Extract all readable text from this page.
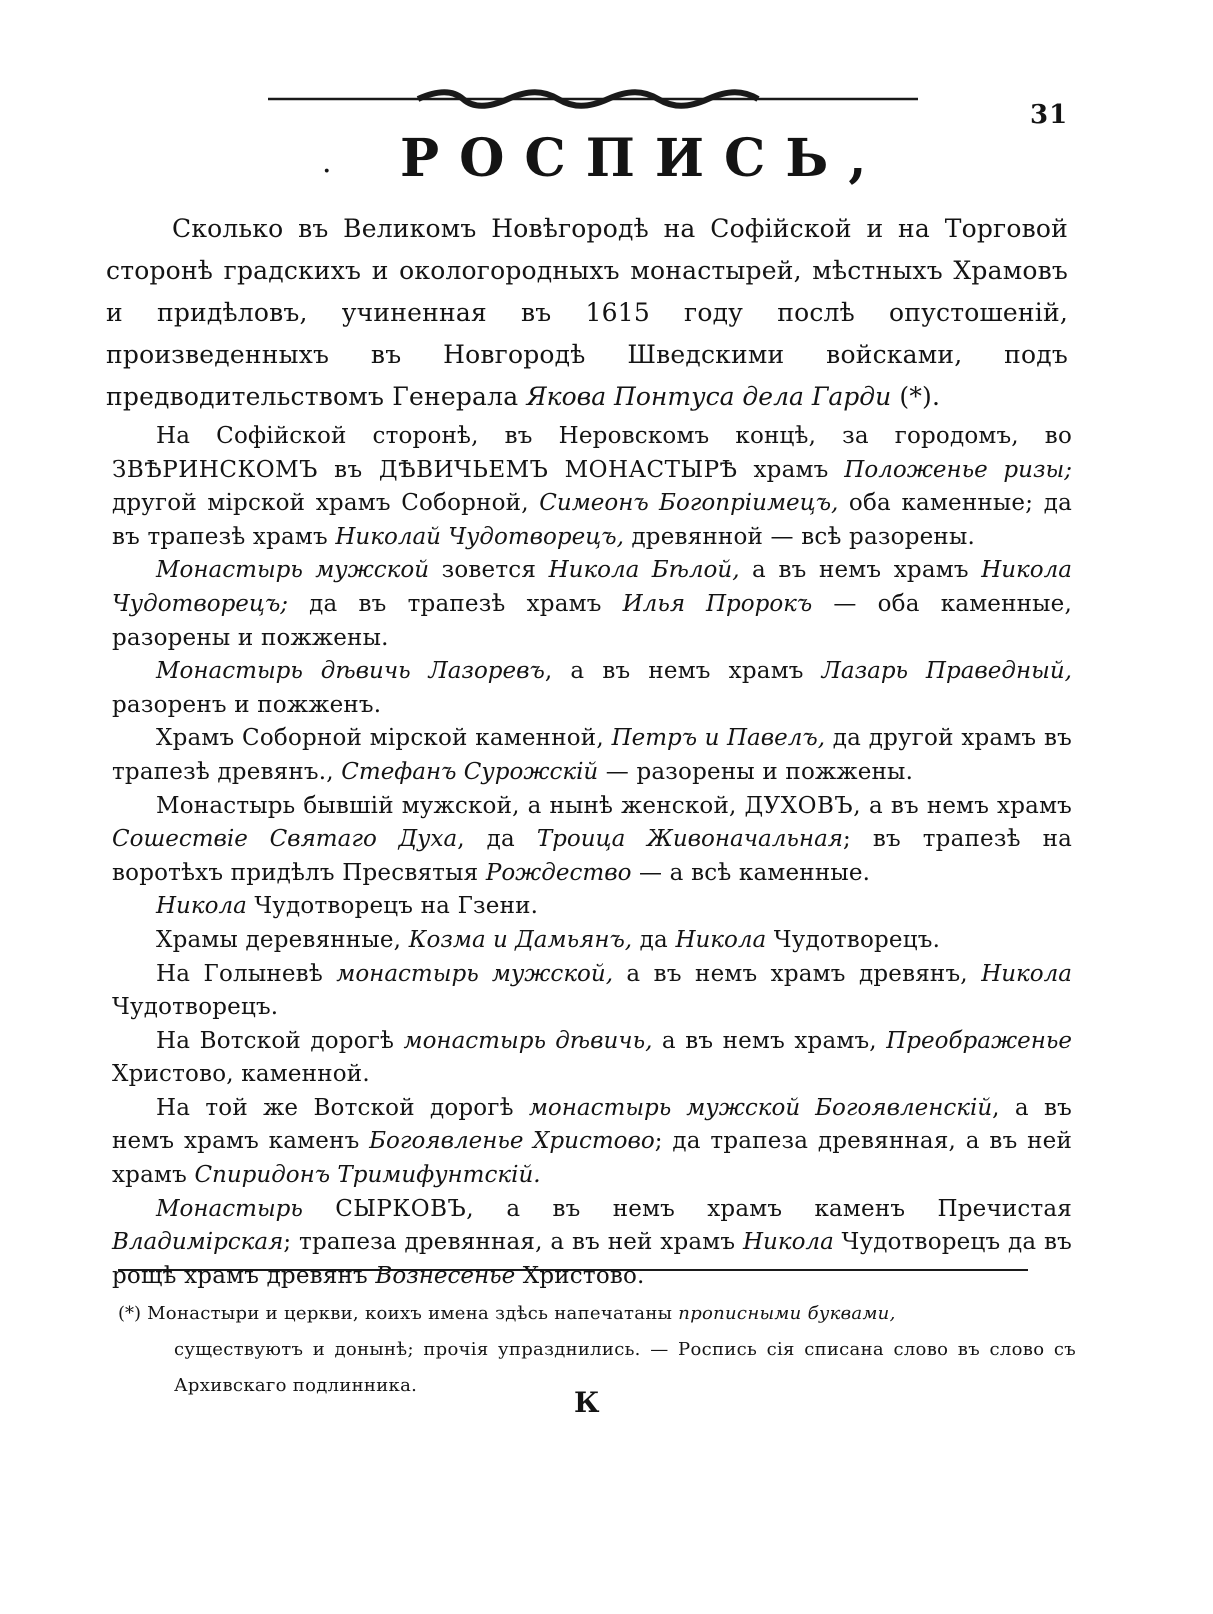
31
· РОСПИСЬ,

Сколько въ Великомъ Новѣгородѣ на Софійской и на Торговой сторонѣ градскихъ и окологородныхъ монастырей, мѣстныхъ Храмовъ и придѣловъ, учиненная въ 1615 году послѣ опустошеній, произведенныхъ въ Новгородѣ Шведскими войсками, подъ предводительствомъ Генерала Якова Понтуса дела Гарди (*).

На Софійской сторонѣ, въ Неровскомъ концѣ, за городомъ, во ЗВѢРИНСКОМЪ въ ДѢВИЧЬЕМЪ МОНАСТЫРѢ храмъ Положенье ризы; другой мірской храмъ Соборной, Симеонъ Богопріимецъ, оба каменные; да въ трапезѣ храмъ Николай Чудотворецъ, древянной — всѣ разорены.

Монастырь мужской зовется Никола Бѣлой, а въ немъ храмъ Никола Чудотворецъ; да въ трапезѣ храмъ Илья Пророкъ — оба каменные, разорены и пожжены.

Монастырь дѣвичь Лазоревъ, а въ немъ храмъ Лазарь Праведный, разоренъ и пожженъ.

Храмъ Соборной мірской каменной, Петръ и Павелъ, да другой храмъ въ трапезѣ древянъ., Стефанъ Сурожскій — разорены и пожжены.

Монастырь бывшій мужской, а нынѣ женской, ДУХОВЪ, а въ немъ храмъ Сошествіе Святаго Духа, да Троица Живоначальная; въ трапезѣ на воротѣхъ придѣлъ Пресвятыя Рождество — а всѣ каменные.

Никола Чудотворецъ на Гзени.

Храмы деревянные, Козма и Дамьянъ, да Никола Чудотворецъ.

На Голыневѣ монастырь мужской, а въ немъ храмъ древянъ, Никола Чудотворецъ.

На Вотской дорогѣ монастырь дѣвичь, а въ немъ храмъ, Преображенье Христово, каменной.

На той же Вотской дорогѣ монастырь мужской Богоявленскій, а въ немъ храмъ каменъ Богоявленье Христово; да трапеза древянная, а въ ней храмъ Спиридонъ Тримифунтскій.

Монастырь СЫРКОВЪ, а въ немъ храмъ каменъ Пречистая Владимірская; трапеза древянная, а въ ней храмъ Никола Чудотворецъ да въ рощѣ храмъ древянъ Вознесенье Христово.

(*) Монастыри и церкви, коихъ имена здѣсь напечатаны прописными буквами,
существуютъ и донынѣ; прочія упразднились. — Роспись сія списана слово въ слово съ Архивскаго подлинника.

К
